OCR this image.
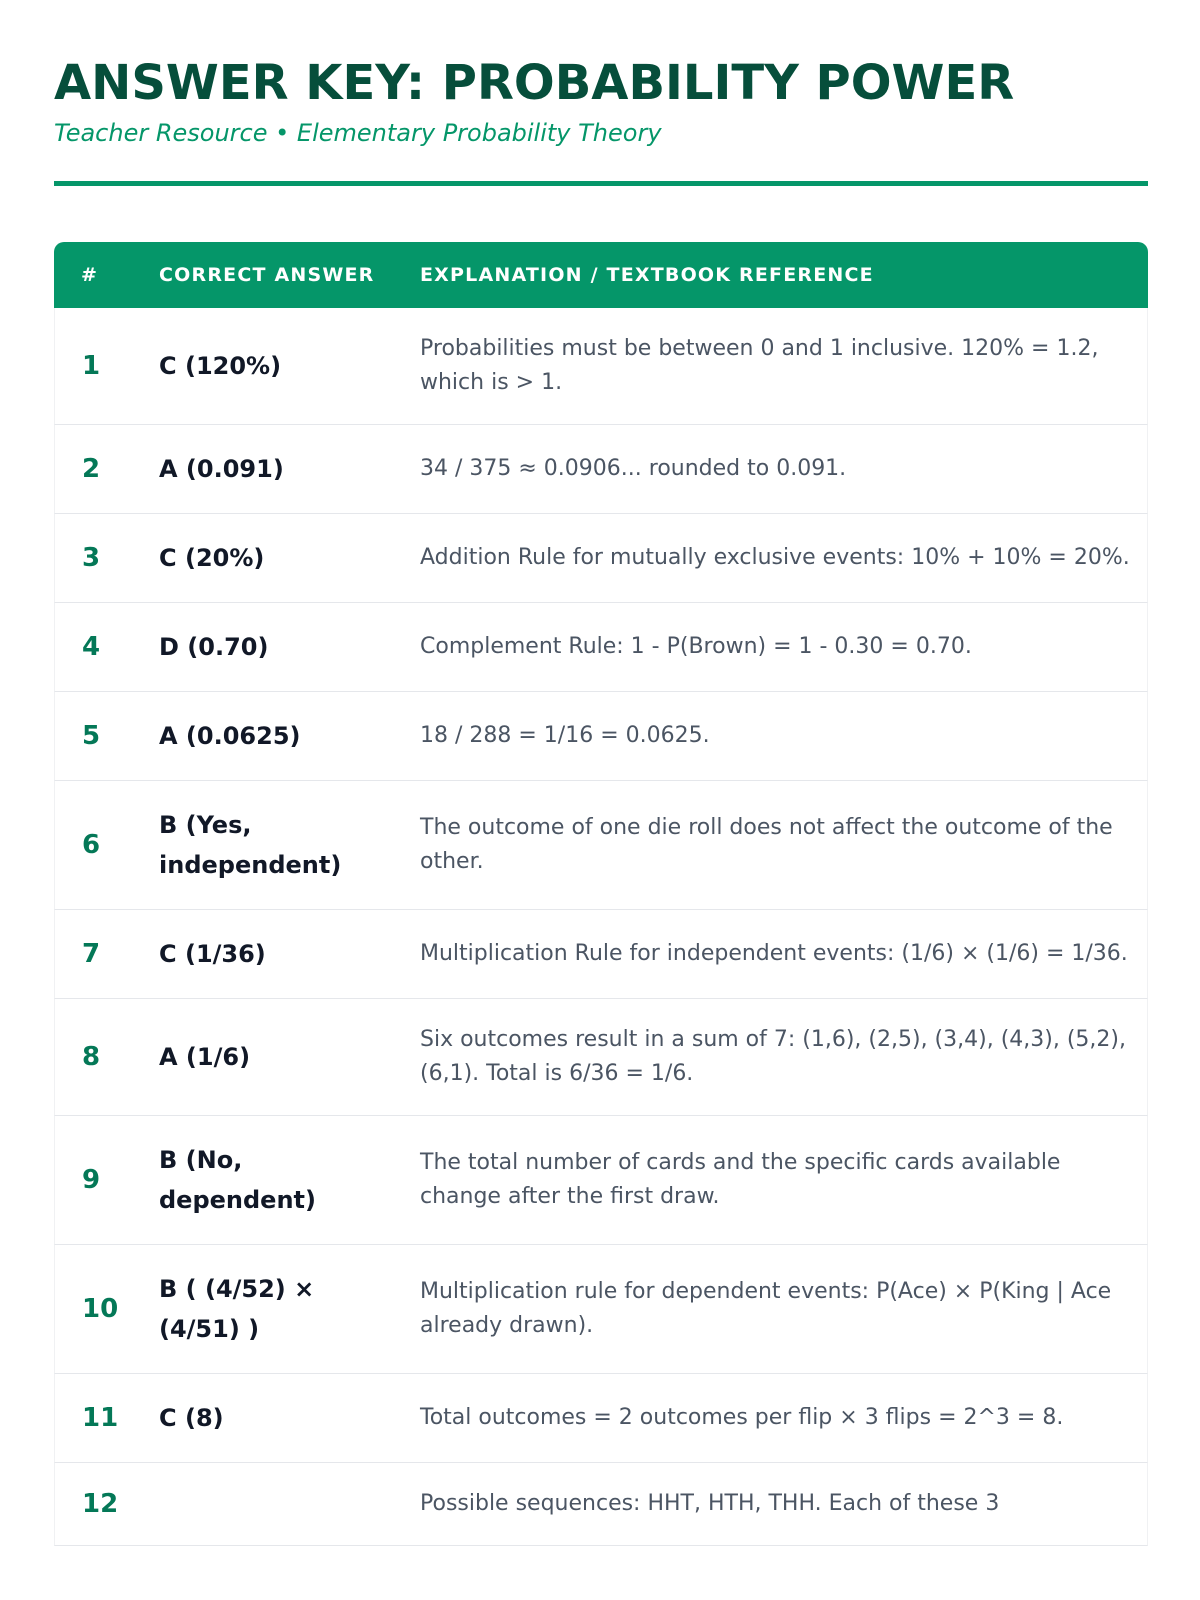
ANSWER KEY: PROBABILITY POWER
Teacher Resource • Elementary Probability Theory
#	CORRECT ANSWER	EXPLANATION / TEXTBOOK REFERENCE
1	C (120%)	Probabilities must be between 0 and 1 inclusive. 120% = 1.2, which is > 1.
2	A (0.091)	34 / 375 ≈ 0.0906... rounded to 0.091.
3	C (20%)	Addition Rule for mutually exclusive events: 10% + 10% = 20%.
4	D (0.70)	Complement Rule: 1 - P(Brown) = 1 - 0.30 = 0.70.
5	A (0.0625)	18 / 288 = 1/16 = 0.0625.
6	B (Yes, independent)	The outcome of one die roll does not affect the outcome of the other.
7	C (1/36)	Multiplication Rule for independent events: (1/6) × (1/6) = 1/36.
8	A (1/6)	Six outcomes result in a sum of 7: (1,6), (2,5), (3,4), (4,3), (5,2), (6,1). Total is 6/36 = 1/6.
9	B (No, dependent)	The total number of cards and the specific cards available change after the first draw.
10	B ( (4/52) × (4/51) )	Multiplication rule for dependent events: P(Ace) × P(King | Ace already drawn).
11	C (8)	Total outcomes = 2 outcomes per flip × 3 flips = 2^3 = 8.
12		Possible sequences: HHT, HTH, THH. Each of these 3
